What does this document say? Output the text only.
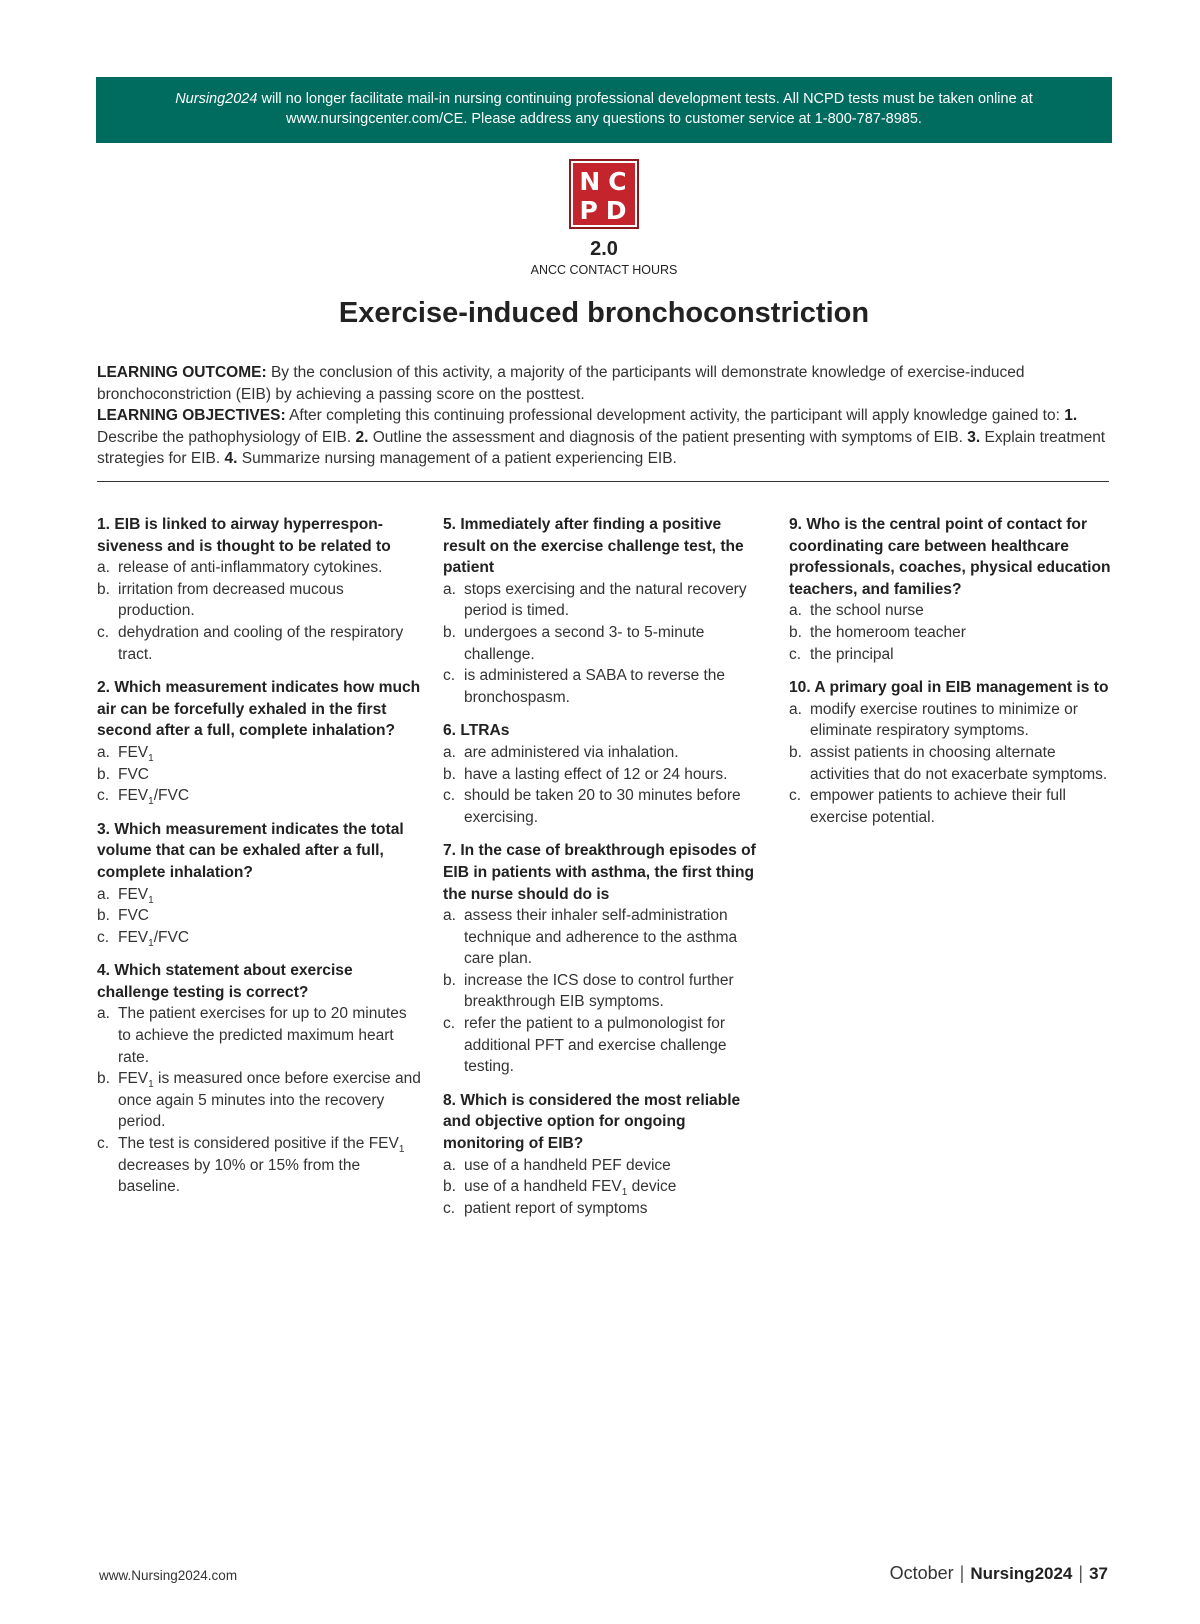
Nursing2024 will no longer facilitate mail-in nursing continuing professional development tests. All NCPD tests must be taken online at
www.nursingcenter.com/CE. Please address any questions to customer service at 1-800-787-8985.
NC
PD
2.0
ANCC CONTACT HOURS
Exercise-induced bronchoconstriction
LEARNING OUTCOME: By the conclusion of this activity, a majority of the participants will demonstrate knowledge of exercise-induced bronchoconstriction (EIB) by achieving a passing score on the posttest.
LEARNING OBJECTIVES: After completing this continuing professional development activity, the participant will apply knowledge gained to: 1. Describe the pathophysiology of EIB. 2. Outline the assessment and diagnosis of the patient presenting with symptoms of EIB. 3. Explain treatment strategies for EIB. 4. Summarize nursing management of a patient experiencing EIB.
1. EIB is linked to airway hyperresponsiveness and is thought to be related to
a. release of anti-inflammatory cytokines.
b. irritation from decreased mucous production.
c. dehydration and cooling of the respiratory tract.
2. Which measurement indicates how much air can be forcefully exhaled in the first second after a full, complete inhalation?
a. $FEV_1$
b. FVC
c. $FEV_1$/FVC
3. Which measurement indicates the total volume that can be exhaled after a full, complete inhalation?
a. $FEV_1$
b. FVC
c. $FEV_1$/FVC
4. Which statement about exercise challenge testing is correct?
a. The patient exercises for up to 20 minutes to achieve the predicted maximum heart rate.
b. $FEV_1$ is measured once before exercise and once again 5 minutes into the recovery period.
c. The test is considered positive if the $FEV_1$ decreases by 10% or 15% from the baseline.
5. Immediately after finding a positive result on the exercise challenge test, the patient
a. stops exercising and the natural recovery period is timed.
b. undergoes a second 3- to 5-minute challenge.
c. is administered a SABA to reverse the bronchospasm.
6. LTRAs
a. are administered via inhalation.
b. have a lasting effect of 12 or 24 hours.
c. should be taken 20 to 30 minutes before exercising.
7. In the case of breakthrough episodes of EIB in patients with asthma, the first thing the nurse should do is
a. assess their inhaler self-administration technique and adherence to the asthma care plan.
b. increase the ICS dose to control further breakthrough EIB symptoms.
c. refer the patient to a pulmonologist for additional PFT and exercise challenge testing.
8. Which is considered the most reliable and objective option for ongoing monitoring of EIB?
a. use of a handheld PEF device
b. use of a handheld $FEV_1$ device
c. patient report of symptoms
9. Who is the central point of contact for coordinating care between healthcare professionals, coaches, physical education teachers, and families?
a. the school nurse
b. the homeroom teacher
c. the principal
10. A primary goal in EIB management is to
a. modify exercise routines to minimize or eliminate respiratory symptoms.
b. assist patients in choosing alternate activities that do not exacerbate symptoms.
c. empower patients to achieve their full exercise potential.
www.Nursing2024.com	October | Nursing2024 | 37
